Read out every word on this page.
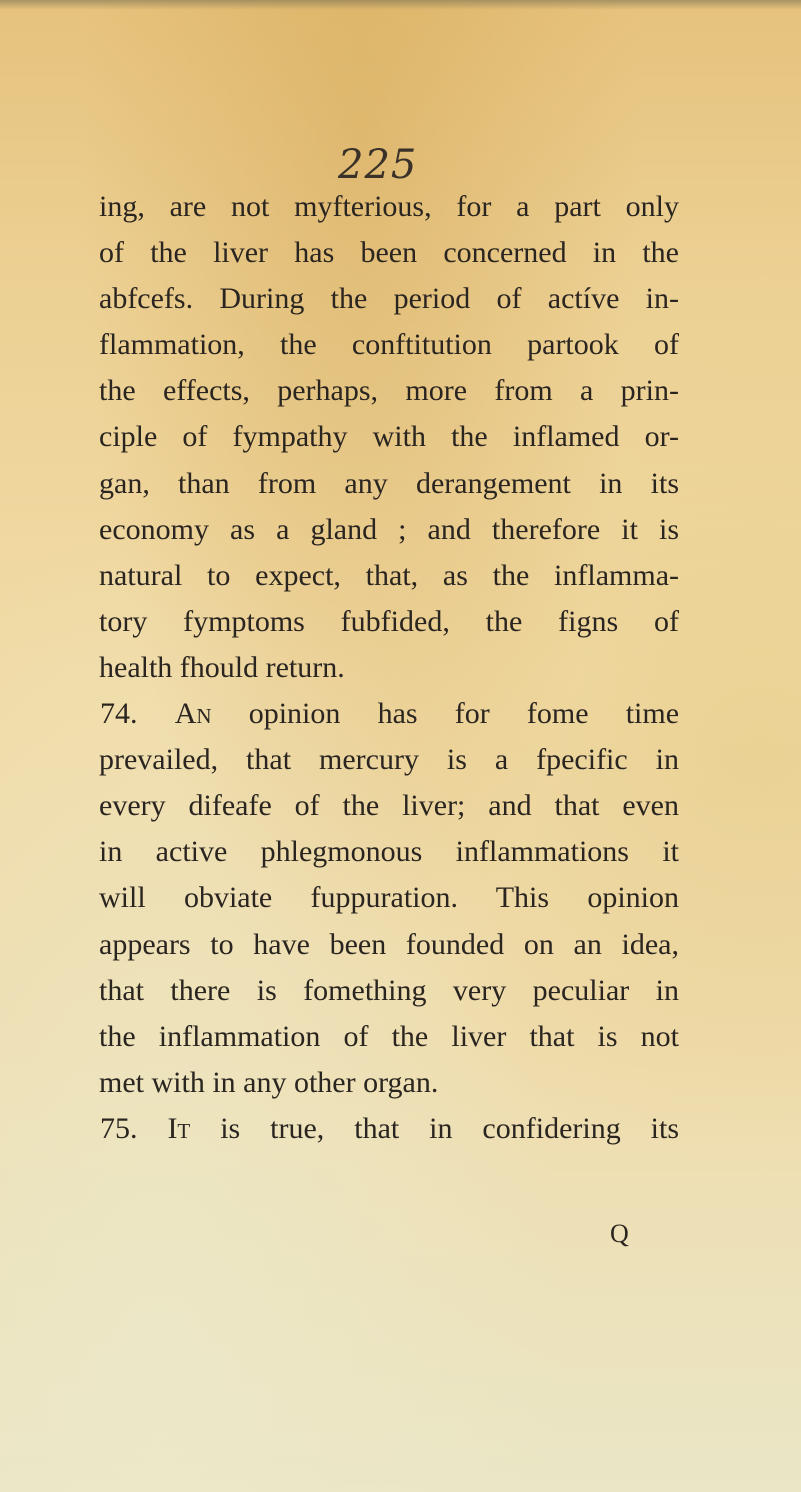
225
ing, are not myfterious, for a part only
of the liver has been concerned in the
abfcefs. During the period of actíve in-
flammation, the conftitution partook of
the effects, perhaps, more from a prin-
ciple of fympathy with the inflamed or-
gan, than from any derangement in its
economy as a gland ; and therefore it is
natural to expect, that, as the inflamma-
tory fymptoms fubfided, the figns of
health fhould return.
74. An opinion has for fome time
prevailed, that mercury is a fpecific in
every difeafe of the liver; and that even
in active phlegmonous inflammations it
will obviate fuppuration. This opinion
appears to have been founded on an idea,
that there is fomething very peculiar in
the inflammation of the liver that is not
met with in any other organ.
75. It is true, that in confidering its
Q
